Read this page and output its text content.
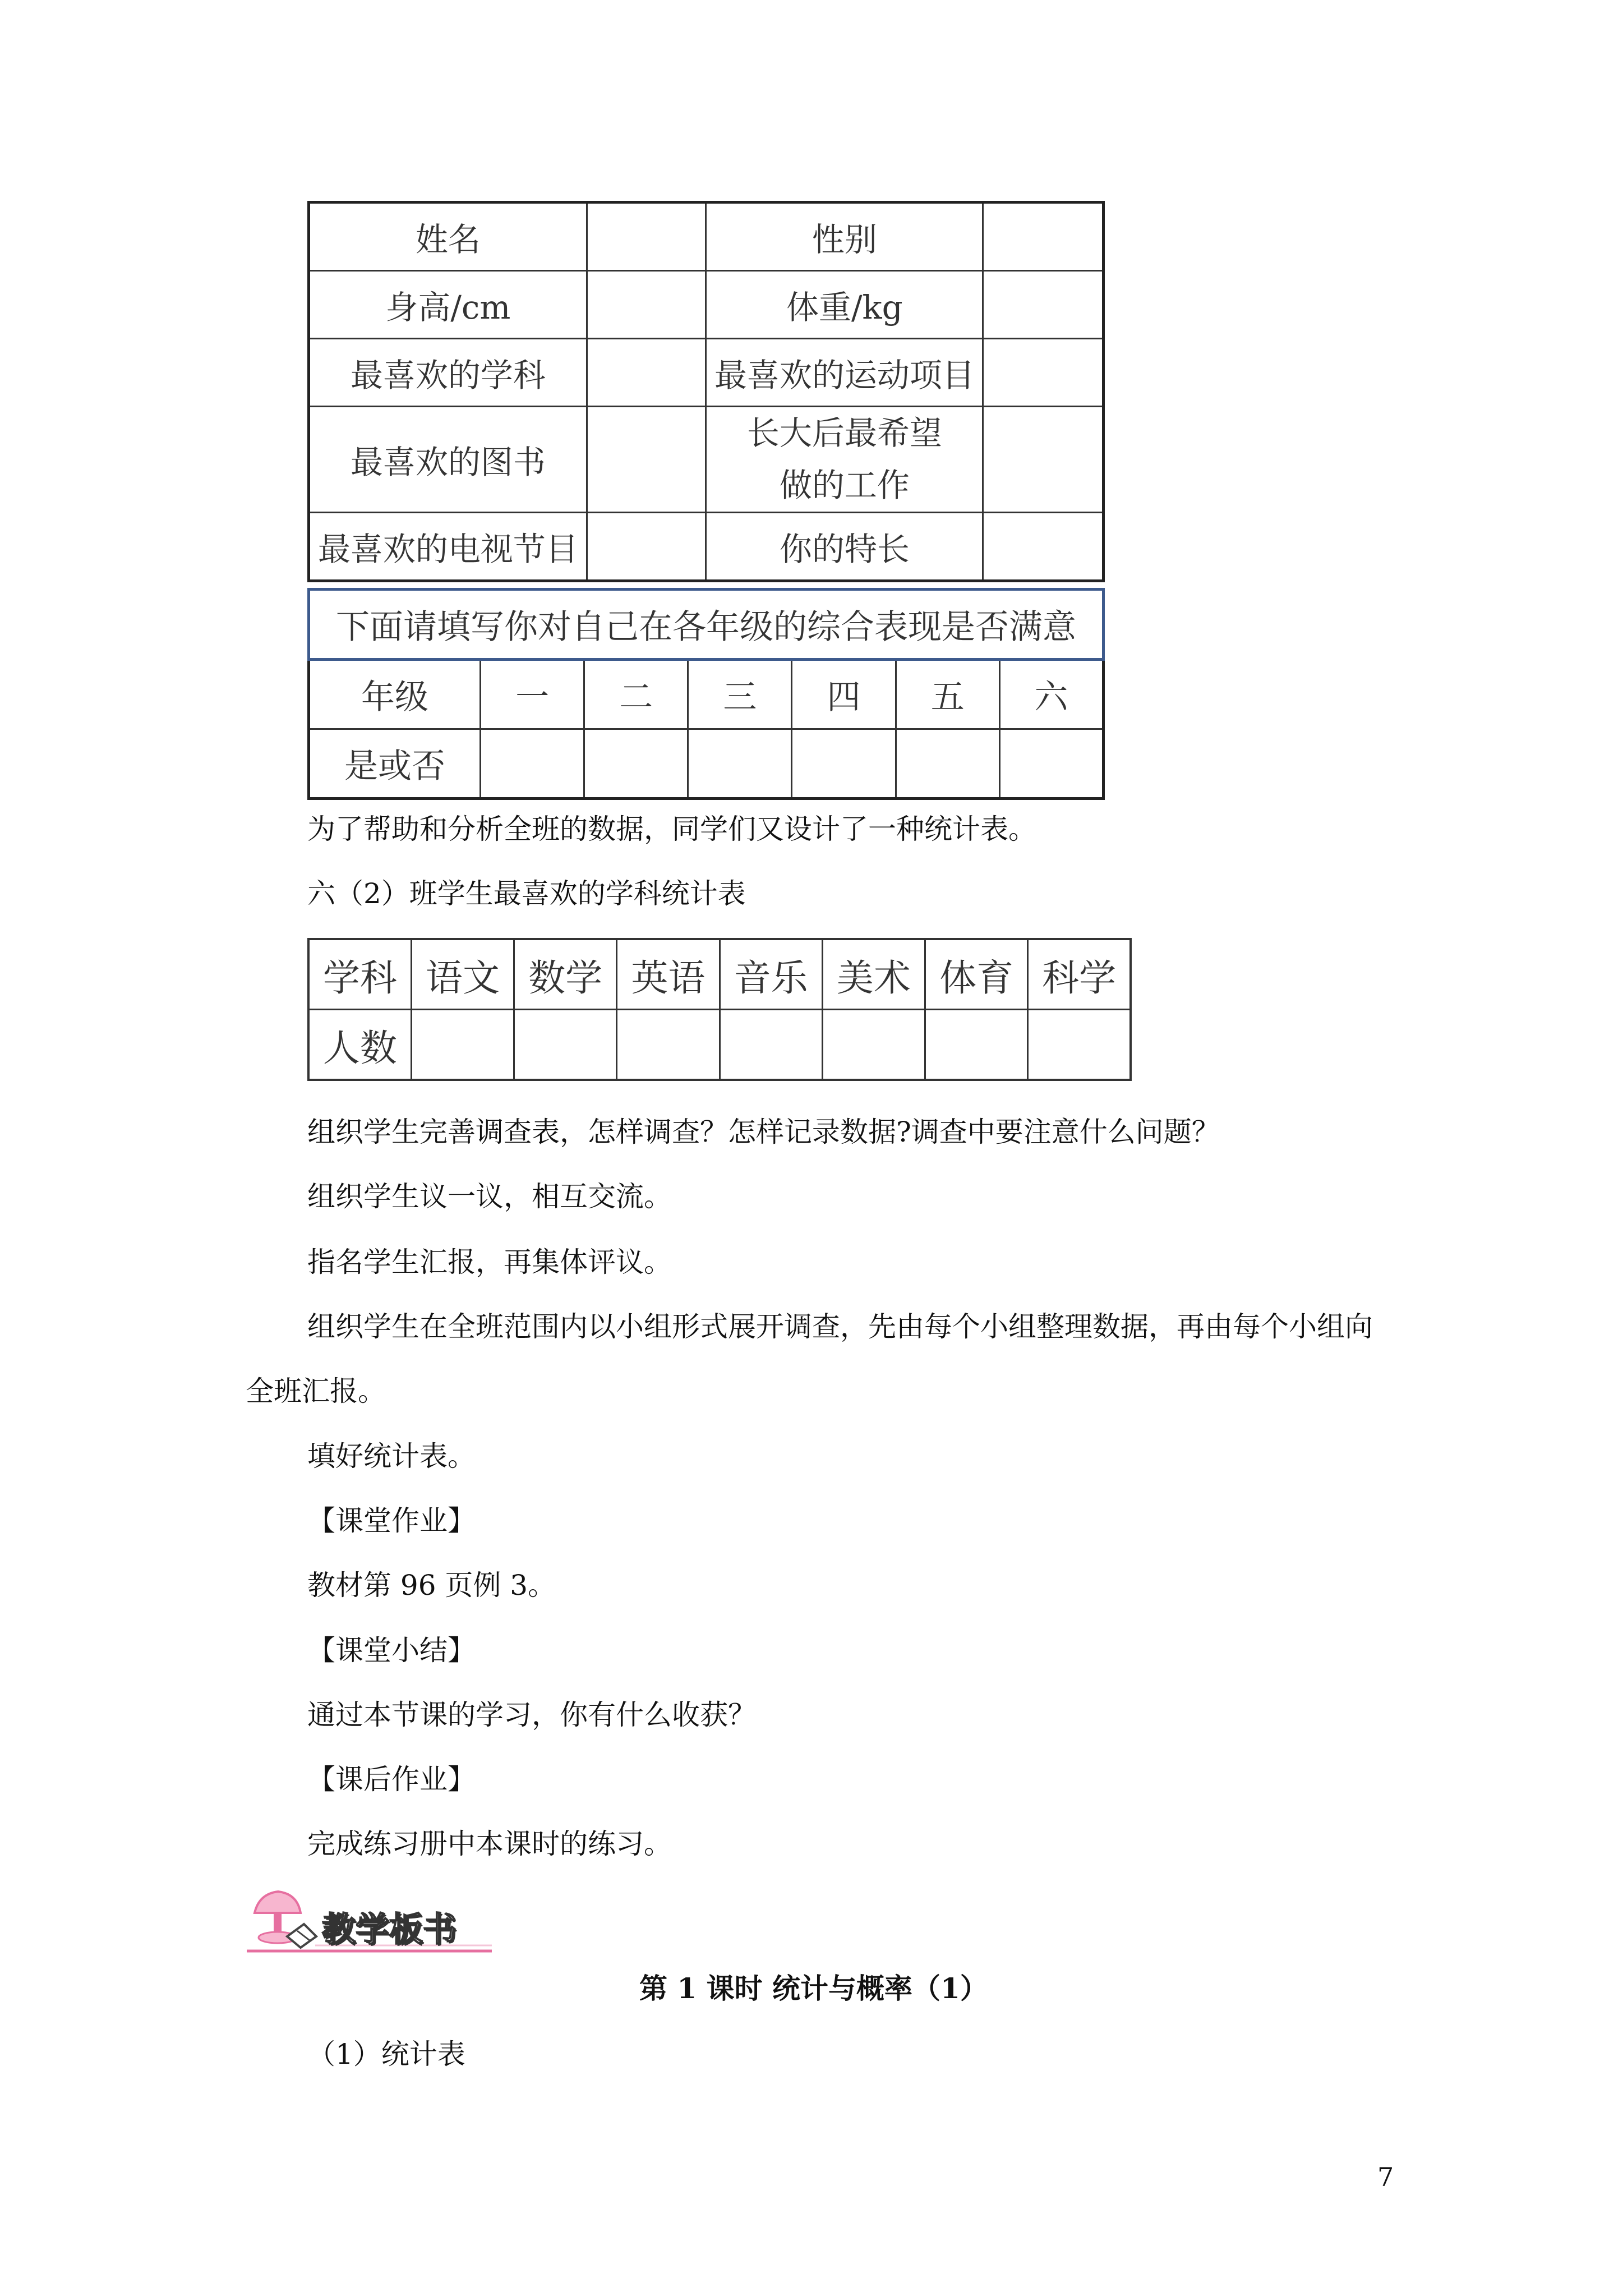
姓名		性别	
身高/cm		体重/kg	
最喜欢的学科		最喜欢的运动项目	
最喜欢的图书		长大后最希望
做的工作	
最喜欢的电视节目		你的特长	
下面请填写你对自己在各年级的综合表现是否满意						
年级	一	二	三	四	五	六
是或否						
为了帮助和分析全班的数据，同学们又设计了一种统计表。
六（2）班学生最喜欢的学科统计表
学科	语文	数学	英语	音乐	美术	体育	科学
人数							
组织学生完善调查表，怎样调查？怎样记录数据?调查中要注意什么问题？
组织学生议一议，相互交流。
指名学生汇报，再集体评议。
组织学生在全班范围内以小组形式展开调查，先由每个小组整理数据，再由每个小组向
全班汇报。
填好统计表。
【课堂作业】
教材第 96 页例 3。
【课堂小结】
通过本节课的学习，你有什么收获？
【课后作业】
完成练习册中本课时的练习。
教学板书
第 1 课时 统计与概率（1）
（1）统计表
7
